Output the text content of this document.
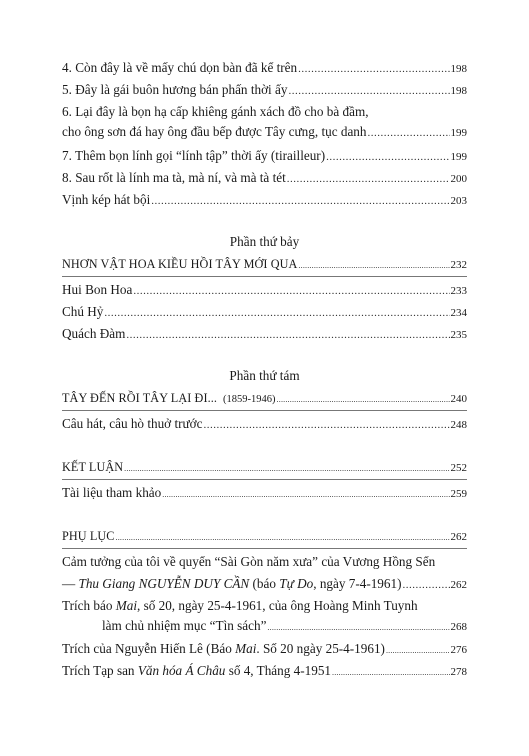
4. Còn đây là về mấy chú dọn bàn đã kể trên .....	198
5. Đây là gái buôn hương bán phấn thời ấy .....	198
6. Lại đây là bọn hạ cấp khiêng gánh xách đồ cho bà đầm,
cho ông sơn đá hay ông đầu bếp được Tây cưng, tục danh .....	199
7. Thêm bọn lính gọi “lính tập” thời ấy (tirailleur) .....	199
8. Sau rốt là lính ma tà, mà ní, và mà tà tét .....	200
Vịnh kép hát bội .....	203
Phần thứ bảy
NHƠN VẬT HOA KIỀU HỒI TÂY MỚI QUA .....	232
Hui Bon Hoa .....	233
Chú Hỷ .....	234
Quách Đàm .....	235
Phần thứ tám
TÂY ĐẾN RỒI TÂY LẠI ĐI... (1859-1946) .....	240
Câu hát, câu hò thuở trước .....	248
KẾT LUẬN .....	252
Tài liệu tham khảo .....	259
PHỤ LỤC .....	262
Cảm tưởng của tôi về quyển “Sài Gòn năm xưa” của Vương Hồng Sển
— Thu Giang NGUYỄN DUY CẦN (báo Tự Do, ngày 7-4-1961) .....	262
Trích báo Mai, số 20, ngày 25-4-1961, của ông Hoàng Minh Tuynh
làm chủ nhiệm mục “Tìn sách” .....	268
Trích của Nguyễn Hiến Lê (Báo Mai. Số 20 ngày 25-4-1961) .....	276
Trích Tạp san Văn hóa Á Châu số 4, Tháng 4-1951 .....	278
